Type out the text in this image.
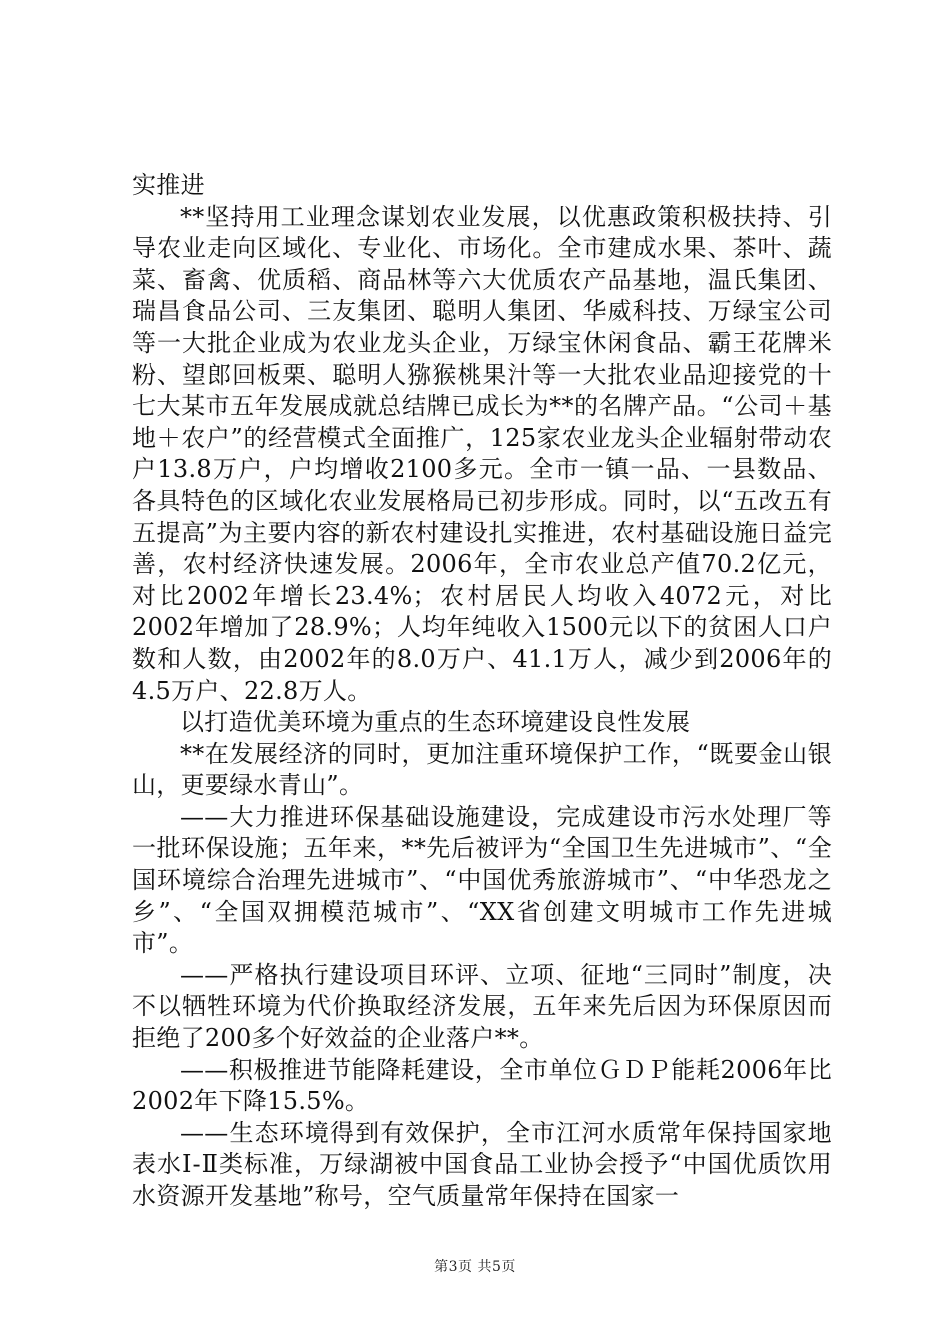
实推进

**坚持用工业理念谋划农业发展，以优惠政策积极扶持、引导农业走向区域化、专业化、市场化。全市建成水果、茶叶、蔬菜、畜禽、优质稻、商品林等六大优质农产品基地，温氏集团、瑞昌食品公司、三友集团、聪明人集团、华威科技、万绿宝公司等一大批企业成为农业龙头企业，万绿宝休闲食品、霸王花牌米粉、望郎回板栗、聪明人猕猴桃果汁等一大批农业品迎接党的十七大某市五年发展成就总结牌已成长为**的名牌产品。“公司＋基地＋农户”的经营模式全面推广，125家农业龙头企业辐射带动农户13.8万户，户均增收2100多元。全市一镇一品、一县数品、各具特色的区域化农业发展格局已初步形成。同时，以“五改五有五提高”为主要内容的新农村建设扎实推进，农村基础设施日益完善，农村经济快速发展。2006年，全市农业总产值70.2亿元，对比2002年增长23.4%；农村居民人均收入4072元，对比2002年增加了28.9%；人均年纯收入1500元以下的贫困人口户数和人数，由2002年的8.0万户、41.1万人，减少到2006年的4.5万户、22.8万人。

以打造优美环境为重点的生态环境建设良性发展

**在发展经济的同时，更加注重环境保护工作，“既要金山银山，更要绿水青山”。

——大力推进环保基础设施建设，完成建设市污水处理厂等一批环保设施；五年来，**先后被评为“全国卫生先进城市”、“全国环境综合治理先进城市”、“中国优秀旅游城市”、“中华恐龙之乡”、“全国双拥模范城市”、“XX省创建文明城市工作先进城市”。

——严格执行建设项目环评、立项、征地“三同时”制度，决不以牺牲环境为代价换取经济发展，五年来先后因为环保原因而拒绝了200多个好效益的企业落户**。

——积极推进节能降耗建设，全市单位ＧＤＰ能耗2006年比2002年下降15.5%。

——生态环境得到有效保护，全市江河水质常年保持国家地表水Ⅰ-Ⅱ类标准，万绿湖被中国食品工业协会授予“中国优质饮用水资源开发基地”称号，空气质量常年保持在国家一

第3页 共5页
